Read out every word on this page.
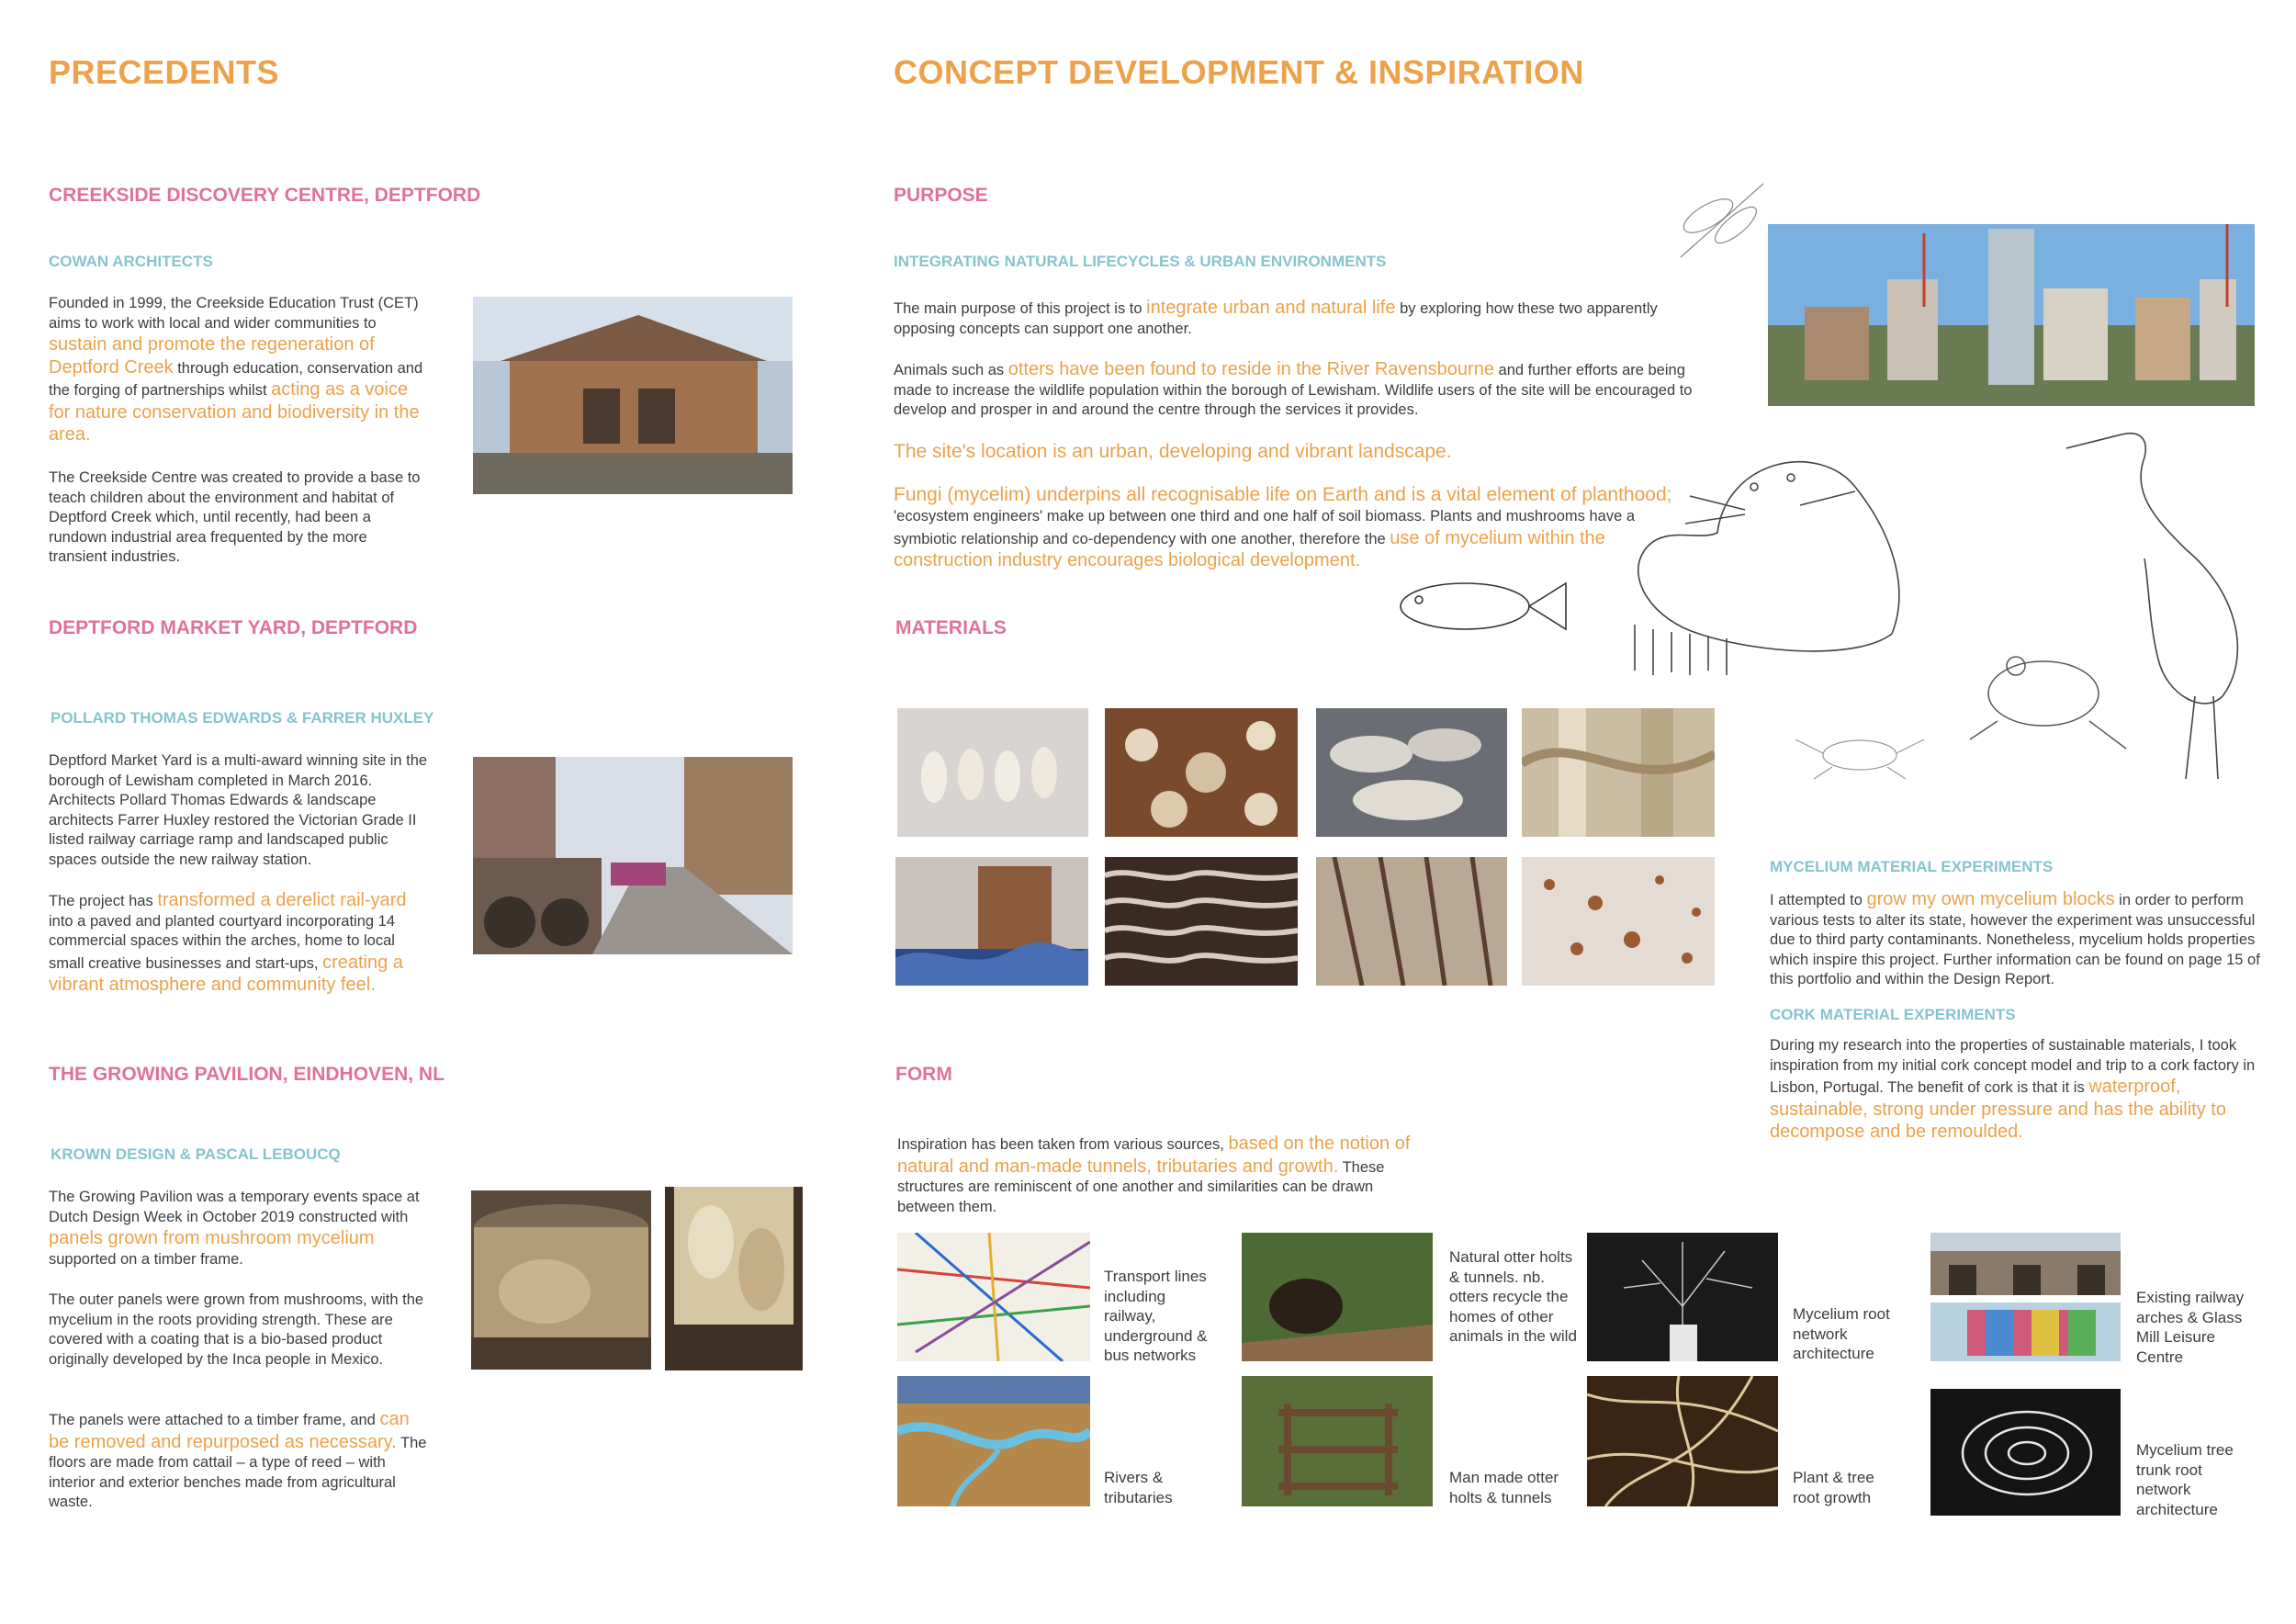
PRECEDENTS
CREEKSIDE DISCOVERY CENTRE, DEPTFORD
COWAN ARCHITECTS
Founded in 1999, the Creekside Education Trust (CET) aims to work with local and wider communities to sustain and promote the regeneration of Deptford Creek through education, conservation and the forging of partnerships whilst acting as a voice for nature conservation and biodiversity in the area.
The Creekside Centre was created to provide a base to teach children about the environment and habitat of Deptford Creek which, until recently, had been a rundown industrial area frequented by the more transient industries.
DEPTFORD MARKET YARD, DEPTFORD
POLLARD THOMAS EDWARDS & FARRER HUXLEY
Deptford Market Yard is a multi-award winning site in the borough of Lewisham completed in March 2016. Architects Pollard Thomas Edwards & landscape architects Farrer Huxley restored the Victorian Grade II listed railway carriage ramp and landscaped public spaces outside the new railway station.
The project has transformed a derelict rail-yard into a paved and planted courtyard incorporating 14 commercial spaces within the arches, home to local small creative businesses and start-ups, creating a vibrant atmosphere and community feel.
THE GROWING PAVILION, EINDHOVEN, NL
KROWN DESIGN & PASCAL LEBOUCQ
The Growing Pavilion was a temporary events space at Dutch Design Week in October 2019 constructed with panels grown from mushroom mycelium supported on a timber frame.
The outer panels were grown from mushrooms, with the mycelium in the roots providing strength. These are covered with a coating that is a bio-based product originally developed by the Inca people in Mexico.
The panels were attached to a timber frame, and can be removed and repurposed as necessary. The floors are made from cattail – a type of reed – with interior and exterior benches made from agricultural waste.
CONCEPT DEVELOPMENT & INSPIRATION
PURPOSE
INTEGRATING NATURAL LIFECYCLES & URBAN ENVIRONMENTS
The main purpose of this project is to integrate urban and natural life by exploring how these two apparently opposing concepts can support one another.
Animals such as otters have been found to reside in the River Ravensbourne and further efforts are being made to increase the wildlife population within the borough of Lewisham. Wildlife users of the site will be encouraged to develop and prosper in and around the centre through the services it provides.
The site's location is an urban, developing and vibrant landscape.
Fungi (mycelim) underpins all recognisable life on Earth and is a vital element of planthood; 'ecosystem engineers' make up between one third and one half of soil biomass. Plants and mushrooms have a symbiotic relationship and co-dependency with one another, therefore the use of mycelium within the construction industry encourages biological development.
MATERIALS
MYCELIUM MATERIAL EXPERIMENTS
I attempted to grow my own mycelium blocks in order to perform various tests to alter its state, however the experiment was unsuccessful due to third party contaminants. Nonetheless, mycelium holds properties which inspire this project. Further information can be found on page 15 of this portfolio and within the Design Report.
CORK MATERIAL EXPERIMENTS
During my research into the properties of sustainable materials, I took inspiration from my initial cork concept model and trip to a cork factory in Lisbon, Portugal. The benefit of cork is that it is waterproof, sustainable, strong under pressure and has the ability to decompose and be remoulded.
FORM
Inspiration has been taken from various sources, based on the notion of natural and man-made tunnels, tributaries and growth. These structures are reminiscent of one another and similarities can be drawn between them.
Transport lines including railway, underground & bus networks
Natural otter holts & tunnels. nb. otters recycle the homes of other animals in the wild
Mycelium root network architecture
Existing railway arches & Glass Mill Leisure Centre
Rivers & tributaries
Man made otter holts & tunnels
Plant & tree root growth
Mycelium tree trunk root network architecture
